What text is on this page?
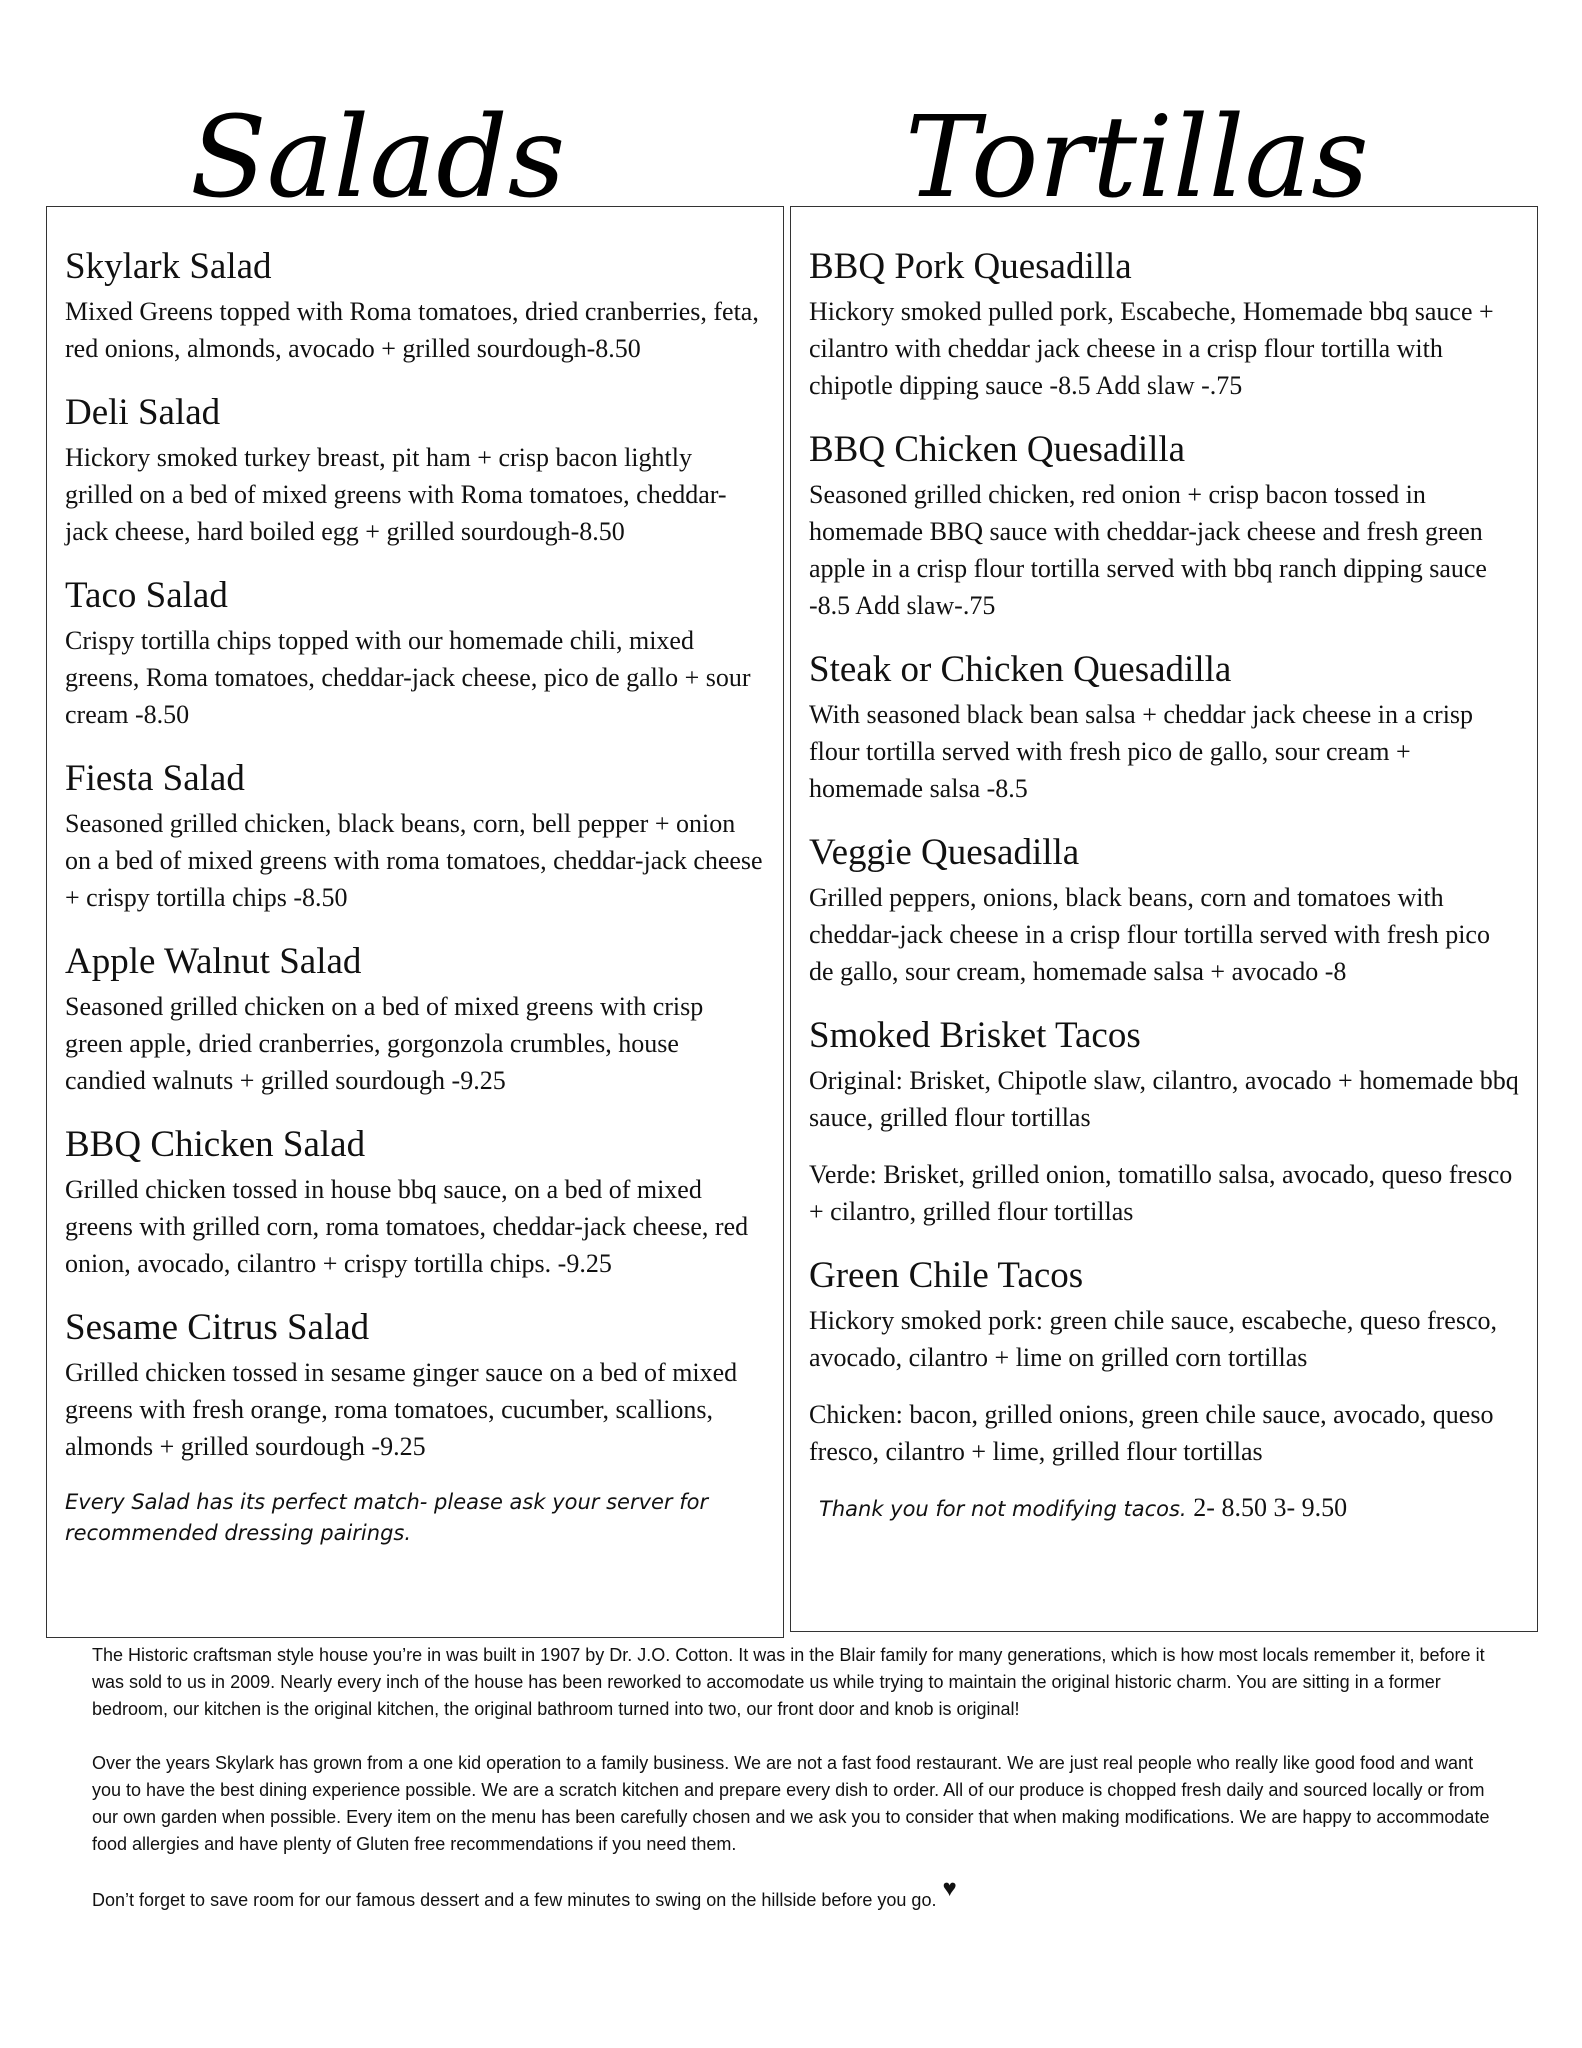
Salads	Tortillas
Skylark Salad

Mixed Greens topped with Roma tomatoes, dried cranberries, feta, red onions, almonds, avocado + grilled sourdough-8.50

Deli Salad

Hickory smoked turkey breast, pit ham + crisp bacon lightly grilled on a bed of mixed greens with Roma tomatoes, cheddar-jack cheese, hard boiled egg + grilled sourdough-8.50

Taco Salad

Crispy tortilla chips topped with our homemade chili, mixed greens, Roma tomatoes, cheddar-jack cheese, pico de gallo + sour cream -8.50

Fiesta Salad

Seasoned grilled chicken, black beans, corn, bell pepper + onion on a bed of mixed greens with roma tomatoes, cheddar-jack cheese + crispy tortilla chips -8.50

Apple Walnut Salad

Seasoned grilled chicken on a bed of mixed greens with crisp green apple, dried cranberries, gorgonzola crumbles, house candied walnuts + grilled sourdough -9.25

BBQ Chicken Salad

Grilled chicken tossed in house bbq sauce, on a bed of mixed greens with grilled corn, roma tomatoes, cheddar-jack cheese, red onion, avocado, cilantro + crispy tortilla chips. -9.25

Sesame Citrus Salad

Grilled chicken tossed in sesame ginger sauce on a bed of mixed greens with fresh orange, roma tomatoes, cucumber, scallions, almonds + grilled sourdough -9.25

Every Salad has its perfect match- please ask your server for recommended dressing pairings.

BBQ Pork Quesadilla

Hickory smoked pulled pork, Escabeche, Homemade bbq sauce + cilantro with cheddar jack cheese in a crisp flour tortilla with chipotle dipping sauce -8.5 Add slaw -.75

BBQ Chicken Quesadilla

Seasoned grilled chicken, red onion + crisp bacon tossed in homemade BBQ sauce with cheddar-jack cheese and fresh green apple in a crisp flour tortilla served with bbq ranch dipping sauce -8.5 Add slaw-.75

Steak or Chicken Quesadilla

With seasoned black bean salsa + cheddar jack cheese in a crisp flour tortilla served with fresh pico de gallo, sour cream + homemade salsa -8.5

Veggie Quesadilla

Grilled peppers, onions, black beans, corn and tomatoes with cheddar-jack cheese in a crisp flour tortilla served with fresh pico de gallo, sour cream, homemade salsa + avocado -8

Smoked Brisket Tacos

Original: Brisket, Chipotle slaw, cilantro, avocado + homemade bbq sauce, grilled flour tortillas

Verde: Brisket, grilled onion, tomatillo salsa, avocado, queso fresco + cilantro, grilled flour tortillas

Green Chile Tacos

Hickory smoked pork: green chile sauce, escabeche, queso fresco, avocado, cilantro + lime on grilled corn tortillas

Chicken: bacon, grilled onions, green chile sauce, avocado, queso fresco, cilantro + lime, grilled flour tortillas

Thank you for not modifying tacos. 2- 8.50 3- 9.50

The Historic craftsman style house you’re in was built in 1907 by Dr. J.O. Cotton. It was in the Blair family for many generations, which is how most locals remember it, before it was sold to us in 2009. Nearly every inch of the house has been reworked to accomodate us while trying to maintain the original historic charm. You are sitting in a former bedroom, our kitchen is the original kitchen, the original bathroom turned into two, our front door and knob is original!

Over the years Skylark has grown from a one kid operation to a family business. We are not a fast food restaurant. We are just real people who really like good food and want you to have the best dining experience possible. We are a scratch kitchen and prepare every dish to order. All of our produce is chopped fresh daily and sourced locally or from our own garden when possible. Every item on the menu has been carefully chosen and we ask you to consider that when making modifications. We are happy to accommodate food allergies and have plenty of Gluten free recommendations if you need them.

Don’t forget to save room for our famous dessert and a few minutes to swing on the hillside before you go. ♥
